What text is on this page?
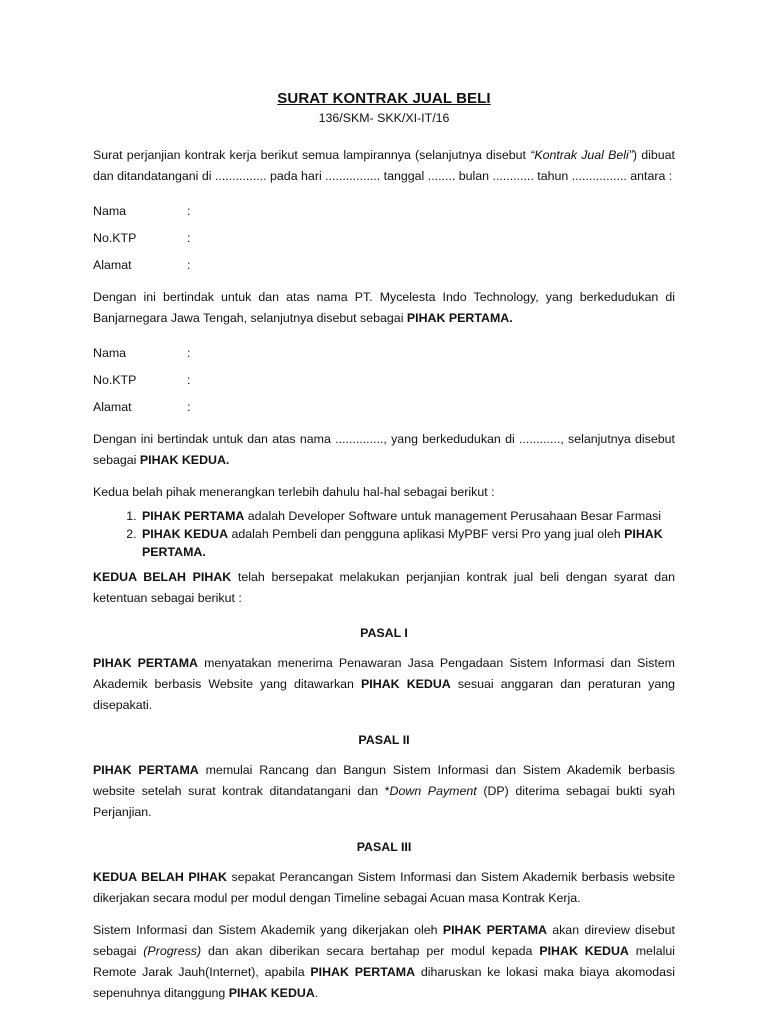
SURAT KONTRAK JUAL BELI
136/SKM- SKK/XI-IT/16

Surat perjanjian kontrak kerja berikut semua lampirannya (selanjutnya disebut “Kontrak Jual Beli”) dibuat dan ditandatangani di ............... pada hari ................ tanggal ........ bulan ............ tahun ................ antara :

Nama	:
No.KTP	:
Alamat	:

Dengan ini bertindak untuk dan atas nama PT. Mycelesta Indo Technology, yang berkedudukan di Banjarnegara Jawa Tengah, selanjutnya disebut sebagai PIHAK PERTAMA.

Nama	:
No.KTP	:
Alamat	:

Dengan ini bertindak untuk dan atas nama .............., yang berkedudukan di ............, selanjutnya disebut sebagai PIHAK KEDUA.

Kedua belah pihak menerangkan terlebih dahulu hal-hal sebagai berikut :

1. PIHAK PERTAMA adalah Developer Software untuk management Perusahaan Besar Farmasi
2. PIHAK KEDUA adalah Pembeli dan pengguna aplikasi MyPBF versi Pro yang jual oleh PIHAK PERTAMA.

KEDUA BELAH PIHAK telah bersepakat melakukan perjanjian kontrak jual beli dengan syarat dan ketentuan sebagai berikut :

PASAL I

PIHAK PERTAMA menyatakan menerima Penawaran Jasa Pengadaan Sistem Informasi dan Sistem Akademik berbasis Website yang ditawarkan PIHAK KEDUA sesuai anggaran dan peraturan yang disepakati.

PASAL II

PIHAK PERTAMA memulai Rancang dan Bangun Sistem Informasi dan Sistem Akademik berbasis website setelah surat kontrak ditandatangani dan *Down Payment (DP) diterima sebagai bukti syah Perjanjian.

PASAL III

KEDUA BELAH PIHAK sepakat Perancangan Sistem Informasi dan Sistem Akademik berbasis website dikerjakan secara modul per modul dengan Timeline sebagai Acuan masa Kontrak Kerja.

Sistem Informasi dan Sistem Akademik yang dikerjakan oleh PIHAK PERTAMA akan direview disebut sebagai (Progress) dan akan diberikan secara bertahap per modul kepada PIHAK KEDUA melalui Remote Jarak Jauh(Internet), apabila PIHAK PERTAMA diharuskan ke lokasi maka biaya akomodasi sepenuhnya ditanggung PIHAK KEDUA.
